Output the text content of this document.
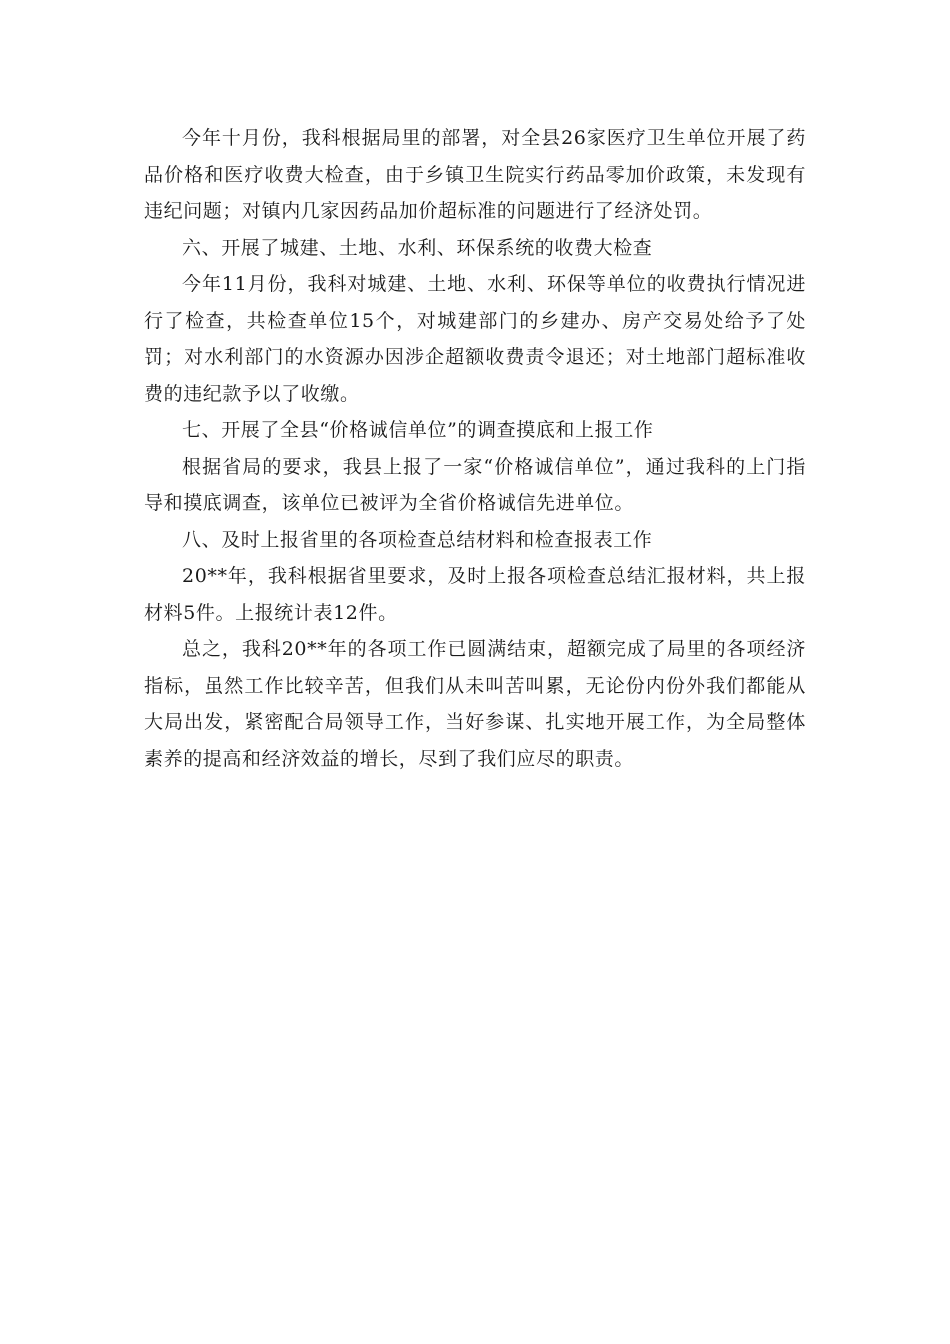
今年十月份，我科根据局里的部署，对全县26家医疗卫生单位开展了药品价格和医疗收费大检查，由于乡镇卫生院实行药品零加价政策，未发现有违纪问题；对镇内几家因药品加价超标准的问题进行了经济处罚。

六、开展了城建、土地、水利、环保系统的收费大检查

今年11月份，我科对城建、土地、水利、环保等单位的收费执行情况进行了检查，共检查单位15个，对城建部门的乡建办、房产交易处给予了处罚；对水利部门的水资源办因涉企超额收费责令退还；对土地部门超标准收费的违纪款予以了收缴。

七、开展了全县“价格诚信单位”的调查摸底和上报工作

根据省局的要求，我县上报了一家“价格诚信单位”，通过我科的上门指导和摸底调查，该单位已被评为全省价格诚信先进单位。

八、及时上报省里的各项检查总结材料和检查报表工作

20**年，我科根据省里要求，及时上报各项检查总结汇报材料，共上报材料5件。上报统计表12件。

总之，我科20**年的各项工作已圆满结束，超额完成了局里的各项经济指标，虽然工作比较辛苦，但我们从未叫苦叫累，无论份内份外我们都能从大局出发，紧密配合局领导工作，当好参谋、扎实地开展工作，为全局整体素养的提高和经济效益的增长，尽到了我们应尽的职责。
